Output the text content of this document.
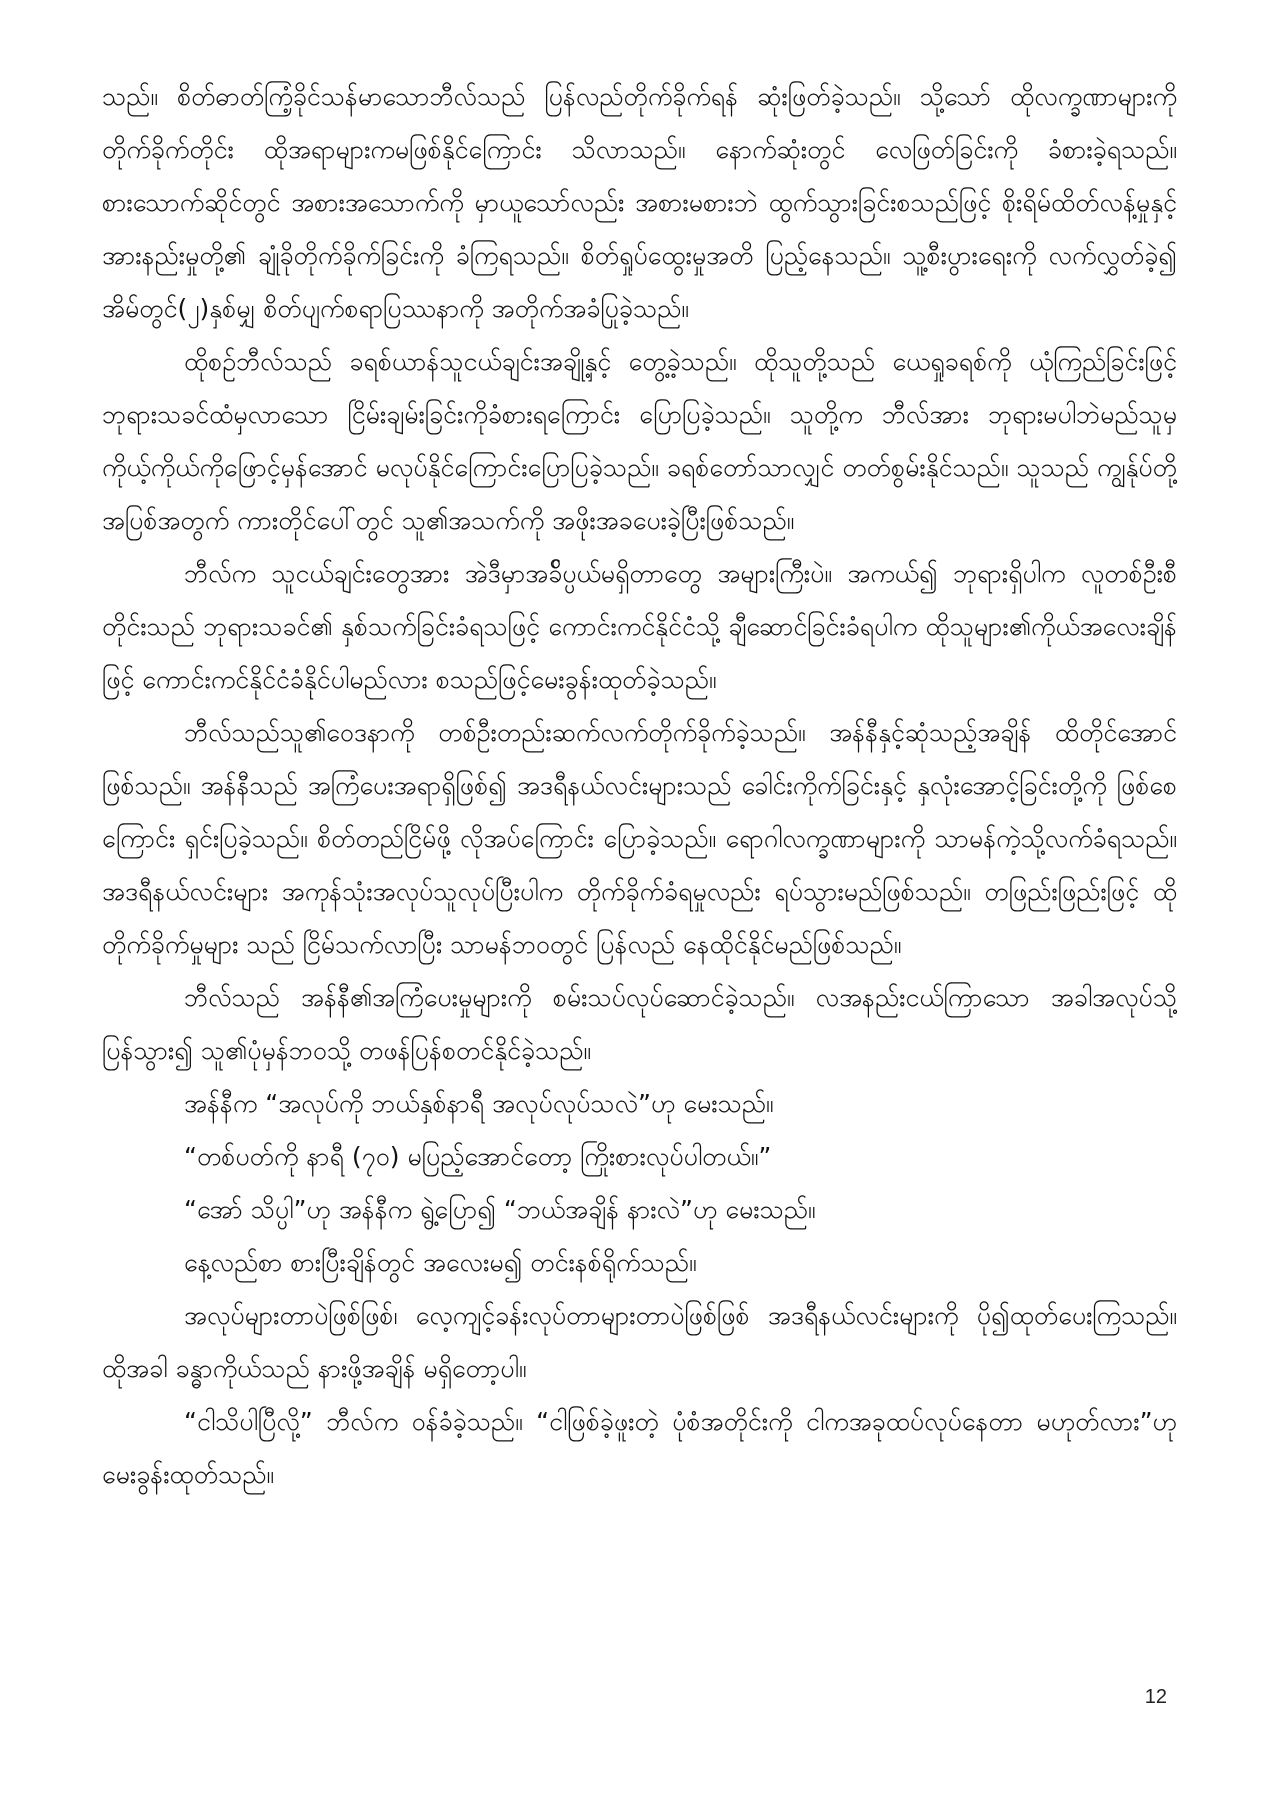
သည်။ စိတ်ဓာတ်ကြံ့ခိုင်သန်မာသောဘီလ်သည် ပြန်လည်တိုက်ခိုက်ရန် ဆုံးဖြတ်ခဲ့သည်။ သို့သော် ထိုလက္ခဏာများကို တိုက်ခိုက်တိုင်း ထိုအရာများကမဖြစ်နိုင်ကြောင်း သိလာသည်။ နောက်ဆုံးတွင် လေဖြတ်ခြင်းကို ခံစားခဲ့ရသည်။ စားသောက်ဆိုင်တွင် အစားအသောက်ကို မှာယူသော်လည်း အစားမစားဘဲ ထွက်သွားခြင်းစသည်ဖြင့် စိုးရိမ်ထိတ်လန့်မှုနှင့် အားနည်းမှုတို့၏ ချုံခိုတိုက်ခိုက်ခြင်းကို ခံကြရသည်။ စိတ်ရှုပ်ထွေးမှုအတိ ပြည့်နေသည်။ သူ့စီးပွားရေးကို လက်လွှတ်ခဲ့၍ အိမ်တွင်(၂)နှစ်မျှ စိတ်ပျက်စရာပြဿနာကို အတိုက်အခံပြုခဲ့သည်။

ထိုစဉ်ဘီလ်သည် ခရစ်ယာန်သူငယ်ချင်းအချို့နှင့် တွေ့ခဲ့သည်။ ထိုသူတို့သည် ယေရှုခရစ်ကို ယုံကြည်ခြင်းဖြင့် ဘုရားသခင်ထံမှလာသော ငြိမ်းချမ်းခြင်းကိုခံစားရကြောင်း ပြောပြခဲ့သည်။ သူတို့က ဘီလ်အား ဘုရားမပါဘဲမည်သူမှ ကိုယ့်ကိုယ်ကိုဖြောင့်မှန်အောင် မလုပ်နိုင်ကြောင်းပြောပြခဲ့သည်။ ခရစ်တော်သာလျှင် တတ်စွမ်းနိုင်သည်။ သူသည် ကျွန်ုပ်တို့အပြစ်အတွက် ကားတိုင်ပေါ်တွင် သူ၏အသက်ကို အဖိုးအခပေးခဲ့ပြီးဖြစ်သည်။

ဘီလ်က သူငယ်ချင်းတွေအား အဲဒီမှာအခ်ိပ္ပယ်မရှိတာတွေ အများကြီးပဲ။ အကယ်၍ ဘုရားရှိပါက လူတစ်ဦးစီတိုင်းသည် ဘုရားသခင်၏ နှစ်သက်ခြင်းခံရသဖြင့် ကောင်းကင်နိုင်ငံသို့ ချီဆောင်ခြင်းခံရပါက ထိုသူများ၏ကိုယ်အလေးချိန်ဖြင့် ကောင်းကင်နိုင်ငံခံနိုင်ပါမည်လား စသည်ဖြင့်မေးခွန်းထုတ်ခဲ့သည်။

ဘီလ်သည်သူ၏ဝေဒနာကို တစ်ဦးတည်းဆက်လက်တိုက်ခိုက်ခဲ့သည်။ အန်နီနှင့်ဆုံသည့်အချိန် ထိတိုင်အောင် ဖြစ်သည်။ အန်နီသည် အကြံပေးအရာရှိဖြစ်၍ အဒရီနယ်လင်းများသည် ခေါင်းကိုက်ခြင်းနှင့် နှလုံးအောင့်ခြင်းတို့ကို ဖြစ်စေကြောင်း ရှင်းပြခဲ့သည်။ စိတ်တည်ငြိမ်ဖို့ လိုအပ်ကြောင်း ပြောခဲ့သည်။ ရောဂါလက္ခဏာများကို သာမန်ကဲ့သို့လက်ခံရသည်။ အဒရီနယ်လင်းများ အကုန်သုံးအလုပ်သူလုပ်ပြီးပါက တိုက်ခိုက်ခံရမှုလည်း ရပ်သွားမည်ဖြစ်သည်။ တဖြည်းဖြည်းဖြင့် ထိုတိုက်ခိုက်မှုများ သည် ငြိမ်သက်လာပြီး သာမန်ဘဝတွင် ပြန်လည် နေထိုင်နိုင်မည်ဖြစ်သည်။

ဘီလ်သည် အန်နီ၏အကြံပေးမှုများကို စမ်းသပ်လုပ်ဆောင်ခဲ့သည်။ လအနည်းငယ်ကြာသော အခါအလုပ်သို့ပြန်သွား၍ သူ၏ပုံမှန်ဘဝသို့ တဖန်ပြန်စတင်နိုင်ခဲ့သည်။

အန်နီက “အလုပ်ကို ဘယ်နှစ်နာရီ အလုပ်လုပ်သလဲ”ဟု မေးသည်။

“တစ်ပတ်ကို နာရီ (၇၀) မပြည့်အောင်တော့ ကြိုးစားလုပ်ပါတယ်။”

“အော် သိပ္ပါ”ဟု အန်နီက ရွဲ့ပြော၍ “ဘယ်အချိန် နားလဲ”ဟု မေးသည်။

နေ့လည်စာ စားပြီးချိန်တွင် အလေးမ၍ တင်းနစ်ရိုက်သည်။

အလုပ်များတာပဲဖြစ်ဖြစ်၊ လေ့ကျင့်ခန်းလုပ်တာများတာပဲဖြစ်ဖြစ် အဒရီနယ်လင်းများကို ပို၍ထုတ်ပေးကြသည်။ ထိုအခါ ခန္ဓာကိုယ်သည် နားဖို့အချိန် မရှိတော့ပါ။

“ငါသိပါပြီလို့” ဘီလ်က ဝန်ခံခဲ့သည်။ “ငါဖြစ်ခဲ့ဖူးတဲ့ ပုံစံအတိုင်းကို ငါကအခုထပ်လုပ်နေတာ မဟုတ်လား”ဟု မေးခွန်းထုတ်သည်။

12
